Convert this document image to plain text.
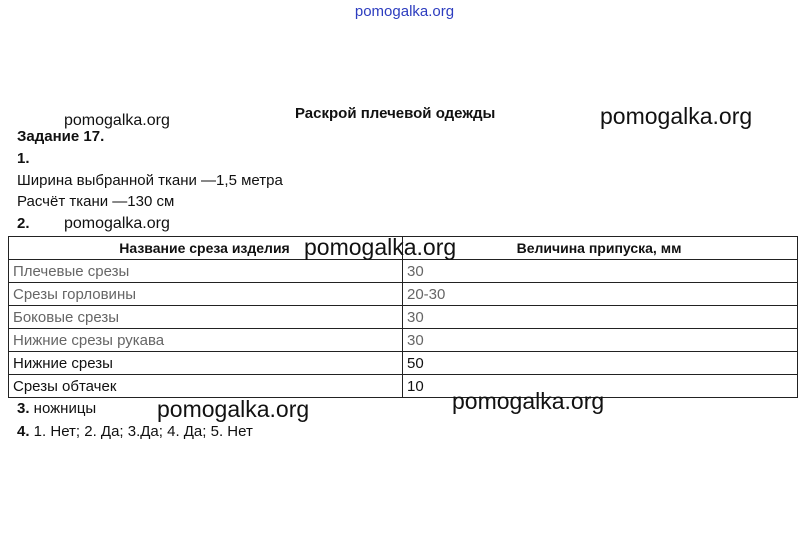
pomogalka.org
Раскрой плечевой одежды
pomogalka.org	pomogalka.org
Задание 17.
1.
Ширина выбранной ткани —1,5 метра
Расчёт ткани —130 см
2. pomogalka.org
Название среза изделия	Величина припуска, мм
Плечевые срезы	30
Срезы горловины	20-30
Боковые срезы	30
Нижние срезы рукава	30
Нижние срезы	50
Срезы обтачек	10
pomogalka.org
3. ножницы	pomogalka.org	pomogalka.org
4. 1. Нет; 2. Да; 3.Да; 4. Да; 5. Нет
